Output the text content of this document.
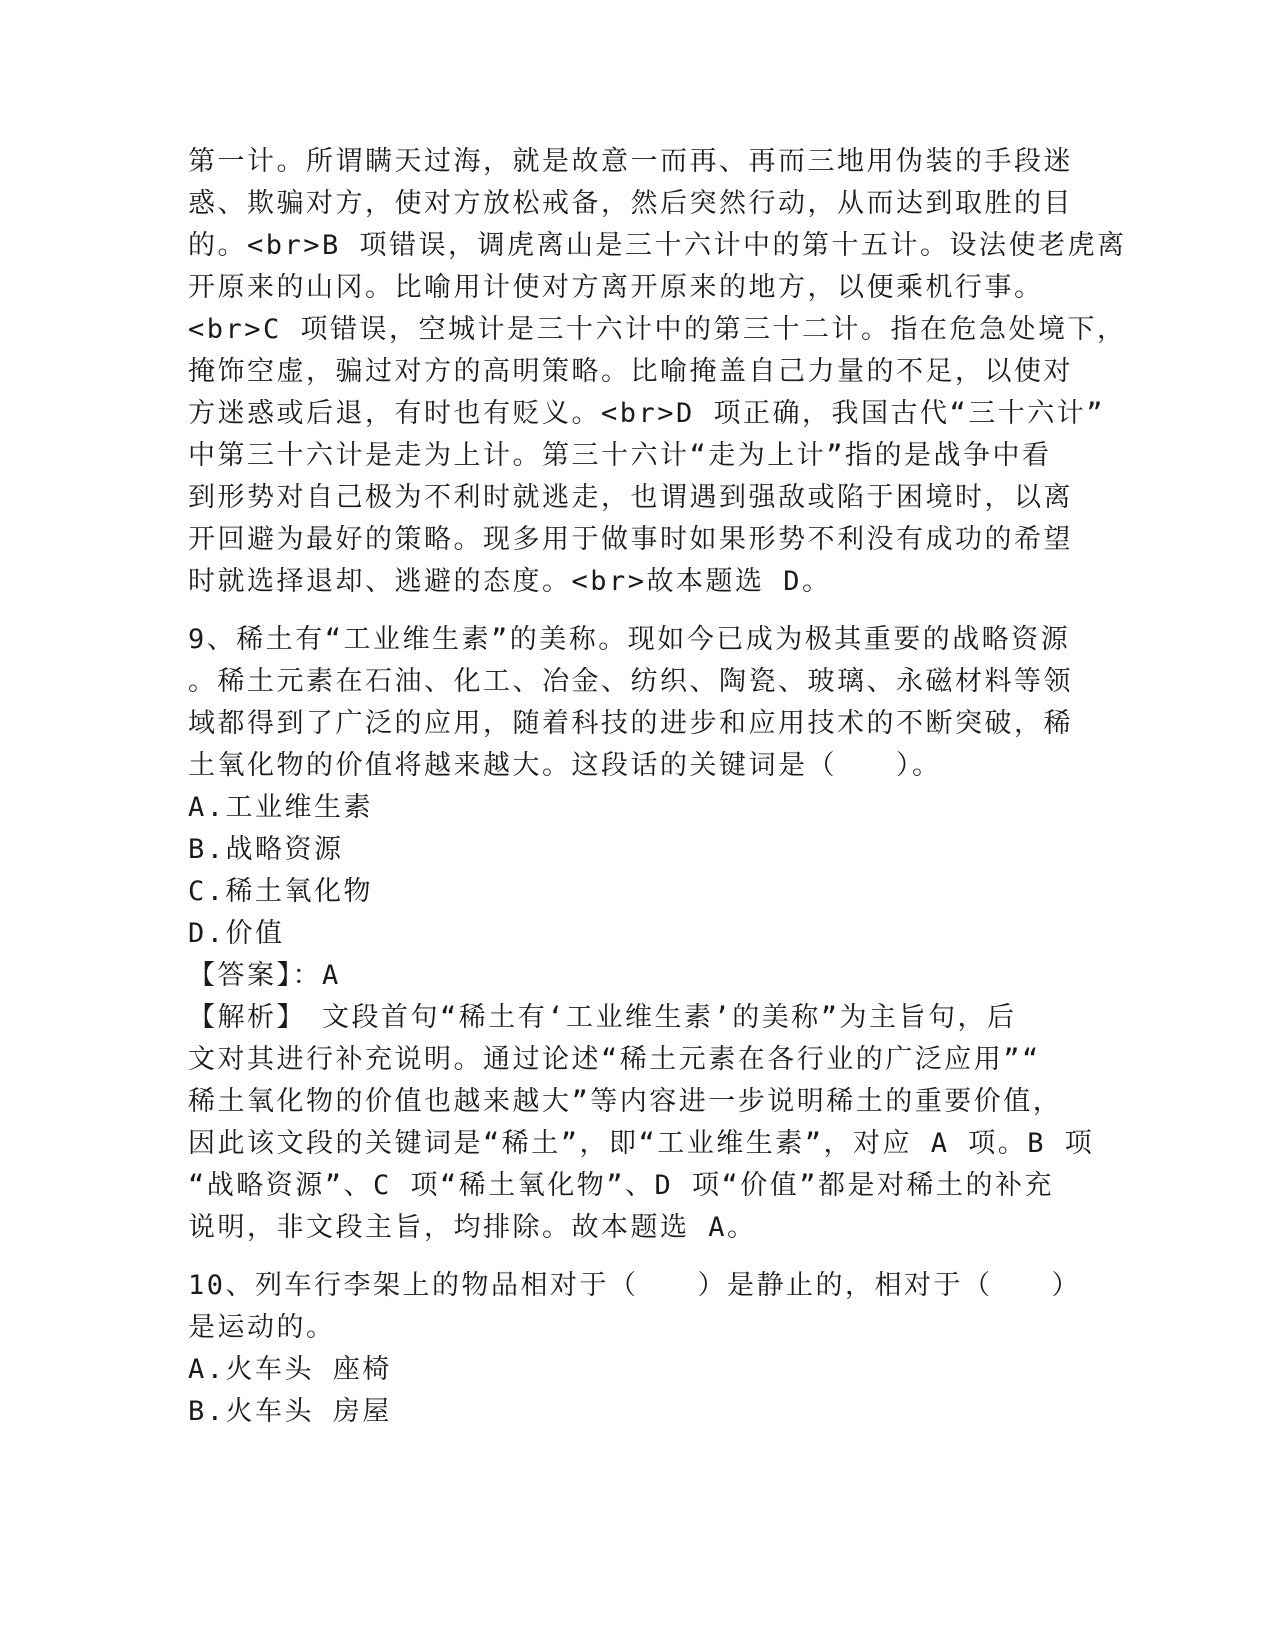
第一计。所谓瞒天过海，就是故意一而再、再而三地用伪装的手段迷
惑、欺骗对方，使对方放松戒备，然后突然行动，从而达到取胜的目
的。<br>B 项错误，调虎离山是三十六计中的第十五计。设法使老虎离
开原来的山冈。比喻用计使对方离开原来的地方，以便乘机行事。
<br>C 项错误，空城计是三十六计中的第三十二计。指在危急处境下，
掩饰空虚，骗过对方的高明策略。比喻掩盖自己力量的不足，以使对
方迷惑或后退，有时也有贬义。<br>D 项正确，我国古代“三十六计”
中第三十六计是走为上计。第三十六计“走为上计”指的是战争中看
到形势对自己极为不利时就逃走，也谓遇到强敌或陷于困境时，以离
开回避为最好的策略。现多用于做事时如果形势不利没有成功的希望
时就选择退却、逃避的态度。<br>故本题选 D。
9、稀土有“工业维生素”的美称。现如今已成为极其重要的战略资源
。稀土元素在石油、化工、冶金、纺织、陶瓷、玻璃、永磁材料等领
域都得到了广泛的应用，随着科技的进步和应用技术的不断突破，稀
土氧化物的价值将越来越大。这段话的关键词是（　　）。
A.工业维生素
B.战略资源
C.稀土氧化物
D.价值
【答案】：A
【解析】　文段首句“稀土有‘工业维生素’的美称”为主旨句，后
文对其进行补充说明。通过论述“稀土元素在各行业的广泛应用”“
稀土氧化物的价值也越来越大”等内容进一步说明稀土的重要价值，
因此该文段的关键词是“稀土”，即“工业维生素”，对应 A 项。B 项
“战略资源”、C 项“稀土氧化物”、D 项“价值”都是对稀土的补充
说明，非文段主旨，均排除。故本题选 A。
10、列车行李架上的物品相对于（　　）是静止的，相对于（　　）
是运动的。
A.火车头 座椅
B.火车头 房屋
